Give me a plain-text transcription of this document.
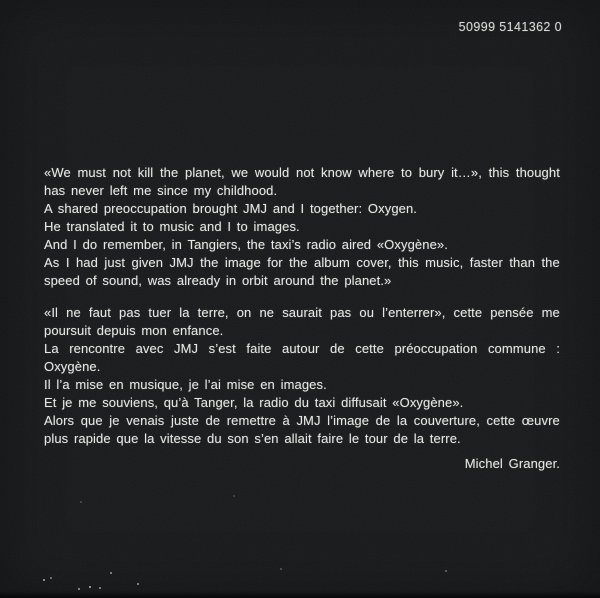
50999 5141362 0
«We must not kill the planet, we would not know where to bury it…», this thought
has never left me since my childhood.
A shared preoccupation brought JMJ and I together: Oxygen.
He translated it to music and I to images.
And I do remember, in Tangiers, the taxi’s radio aired «Oxygène».
As I had just given JMJ the image for the album cover, this music, faster than the
speed of sound, was already in orbit around the planet.»
«Il ne faut pas tuer la terre, on ne saurait pas ou l’enterrer», cette pensée me
poursuit depuis mon enfance.
La rencontre avec JMJ s’est faite autour de cette préoccupation commune :
Oxygène.
Il l’a mise en musique, je l’ai mise en images.
Et je me souviens, qu’à Tanger, la radio du taxi diffusait «Oxygène».
Alors que je venais juste de remettre à JMJ l’image de la couverture, cette œuvre
plus rapide que la vitesse du son s’en allait faire le tour de la terre.
Michel Granger.
